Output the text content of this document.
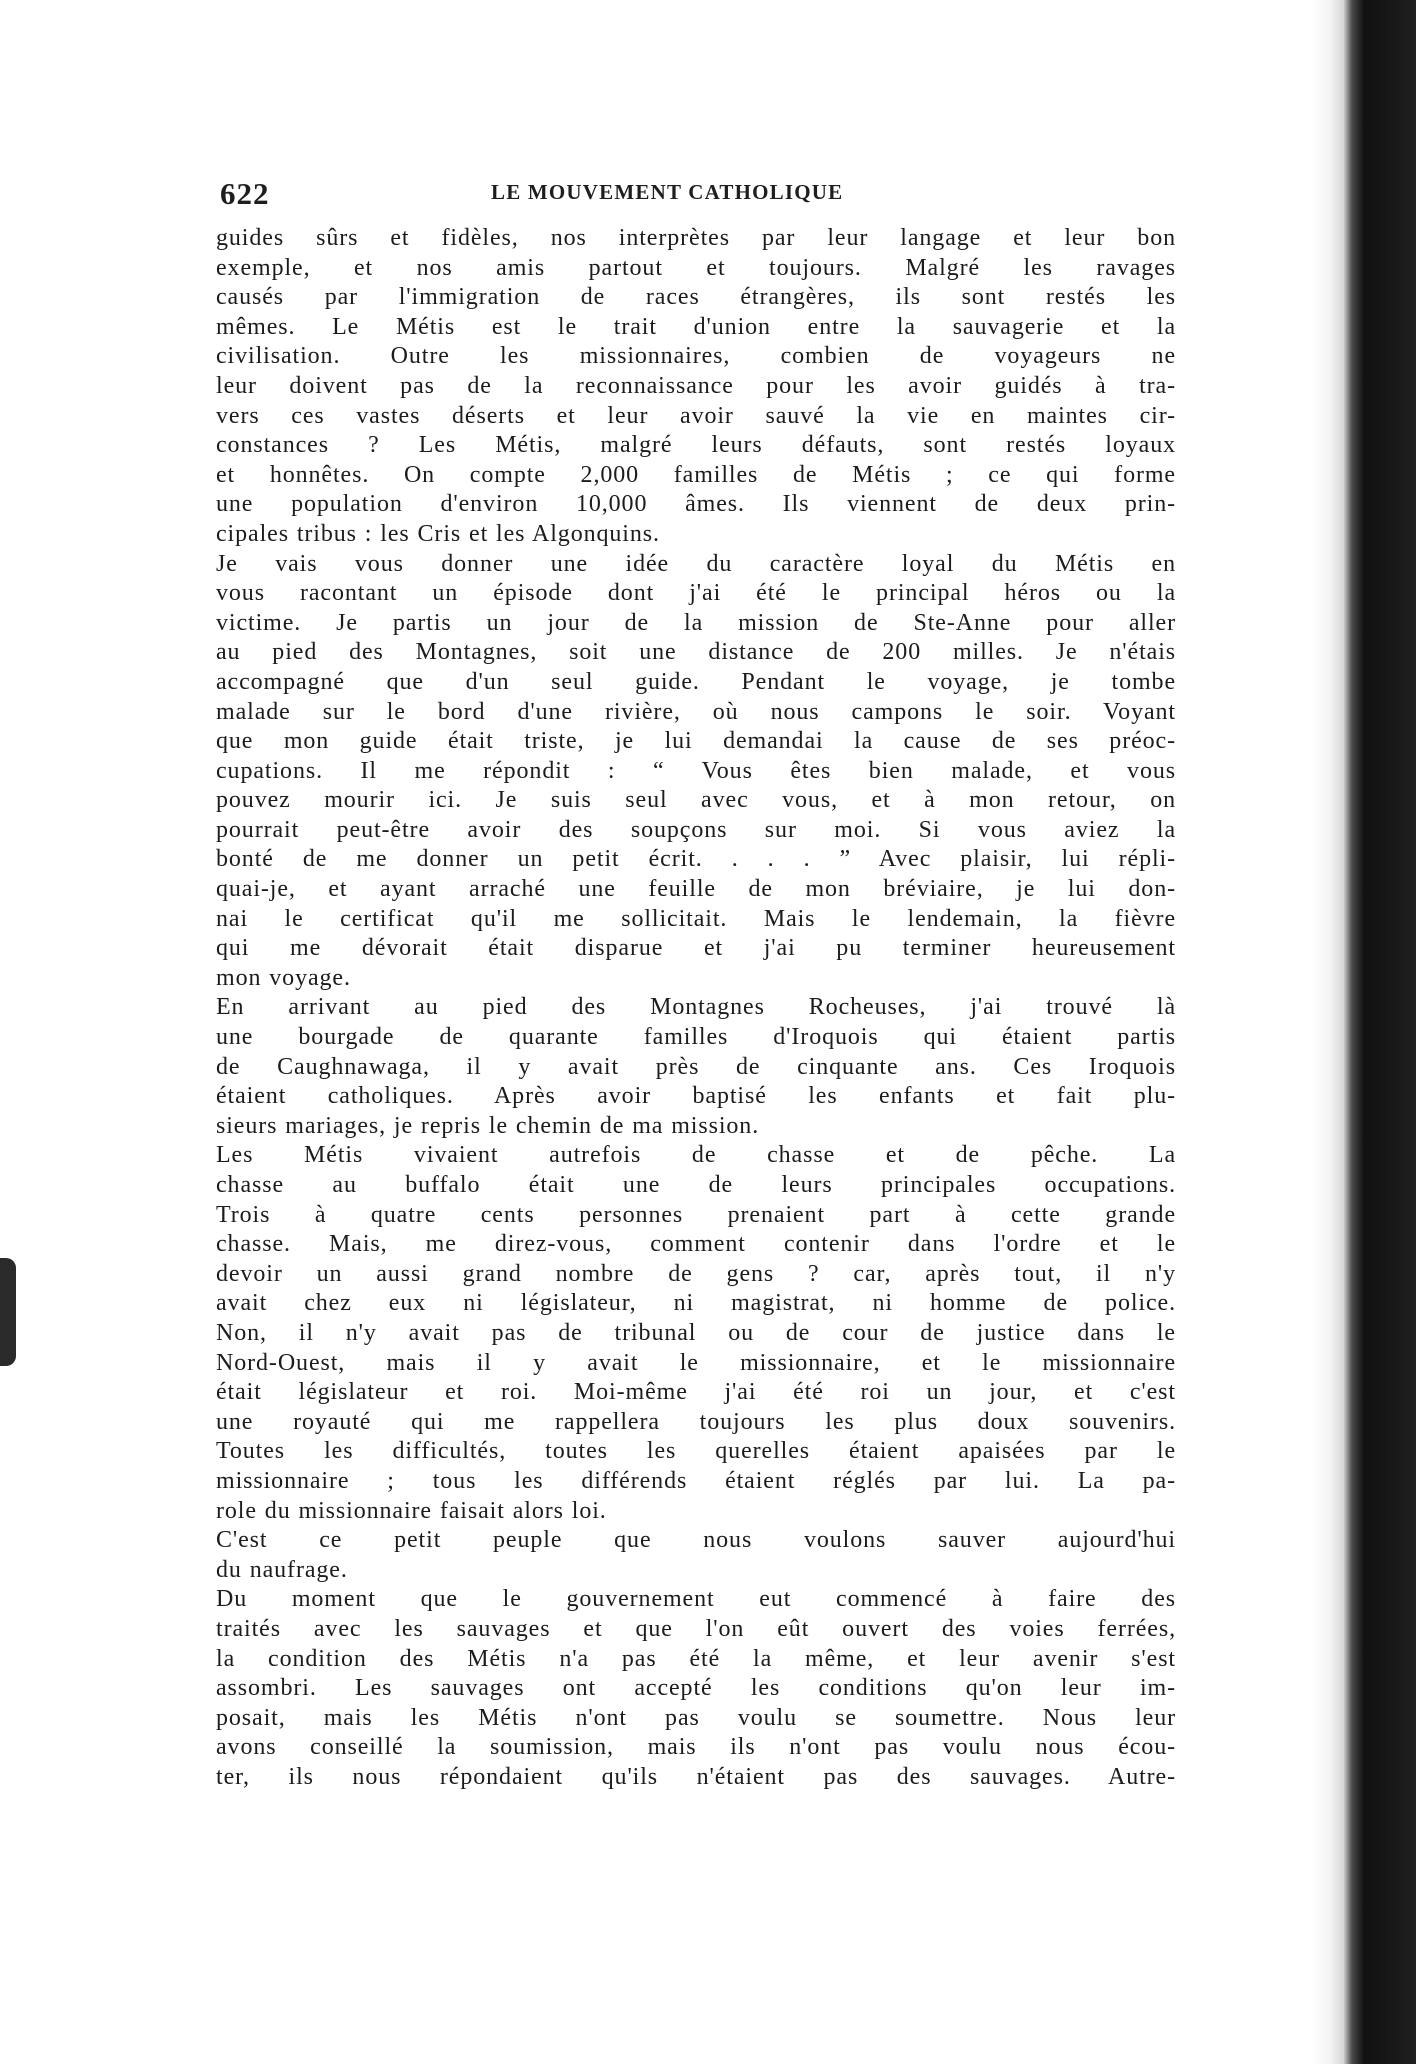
622	LE MOUVEMENT CATHOLIQUE
guides sûrs et fidèles, nos interprètes par leur langage et leur bon
exemple, et nos amis partout et toujours. Malgré les ravages
causés par l'immigration de races étrangères, ils sont restés les
mêmes. Le Métis est le trait d'union entre la sauvagerie et la
civilisation. Outre les missionnaires, combien de voyageurs ne
leur doivent pas de la reconnaissance pour les avoir guidés à tra-
vers ces vastes déserts et leur avoir sauvé la vie en maintes cir-
constances ? Les Métis, malgré leurs défauts, sont restés loyaux
et honnêtes. On compte 2,000 familles de Métis ; ce qui forme
une population d'environ 10,000 âmes. Ils viennent de deux prin-
cipales tribus : les Cris et les Algonquins.
Je vais vous donner une idée du caractère loyal du Métis en
vous racontant un épisode dont j'ai été le principal héros ou la
victime. Je partis un jour de la mission de Ste-Anne pour aller
au pied des Montagnes, soit une distance de 200 milles. Je n'étais
accompagné que d'un seul guide. Pendant le voyage, je tombe
malade sur le bord d'une rivière, où nous campons le soir. Voyant
que mon guide était triste, je lui demandai la cause de ses préoc-
cupations. Il me répondit : “ Vous êtes bien malade, et vous
pouvez mourir ici. Je suis seul avec vous, et à mon retour, on
pourrait peut-être avoir des soupçons sur moi. Si vous aviez la
bonté de me donner un petit écrit. . . . ” Avec plaisir, lui répli-
quai-je, et ayant arraché une feuille de mon bréviaire, je lui don-
nai le certificat qu'il me sollicitait. Mais le lendemain, la fièvre
qui me dévorait était disparue et j'ai pu terminer heureusement
mon voyage.
En arrivant au pied des Montagnes Rocheuses, j'ai trouvé là
une bourgade de quarante familles d'Iroquois qui étaient partis
de Caughnawaga, il y avait près de cinquante ans. Ces Iroquois
étaient catholiques. Après avoir baptisé les enfants et fait plu-
sieurs mariages, je repris le chemin de ma mission.
Les Métis vivaient autrefois de chasse et de pêche. La
chasse au buffalo était une de leurs principales occupations.
Trois à quatre cents personnes prenaient part à cette grande
chasse. Mais, me direz-vous, comment contenir dans l'ordre et le
devoir un aussi grand nombre de gens ? car, après tout, il n'y
avait chez eux ni législateur, ni magistrat, ni homme de police.
Non, il n'y avait pas de tribunal ou de cour de justice dans le
Nord-Ouest, mais il y avait le missionnaire, et le missionnaire
était législateur et roi. Moi-même j'ai été roi un jour, et c'est
une royauté qui me rappellera toujours les plus doux souvenirs.
Toutes les difficultés, toutes les querelles étaient apaisées par le
missionnaire ; tous les différends étaient réglés par lui. La pa-
role du missionnaire faisait alors loi.
C'est ce petit peuple que nous voulons sauver aujourd'hui
du naufrage.
Du moment que le gouvernement eut commencé à faire des
traités avec les sauvages et que l'on eût ouvert des voies ferrées,
la condition des Métis n'a pas été la même, et leur avenir s'est
assombri. Les sauvages ont accepté les conditions qu'on leur im-
posait, mais les Métis n'ont pas voulu se soumettre. Nous leur
avons conseillé la soumission, mais ils n'ont pas voulu nous écou-
ter, ils nous répondaient qu'ils n'étaient pas des sauvages. Autre-
